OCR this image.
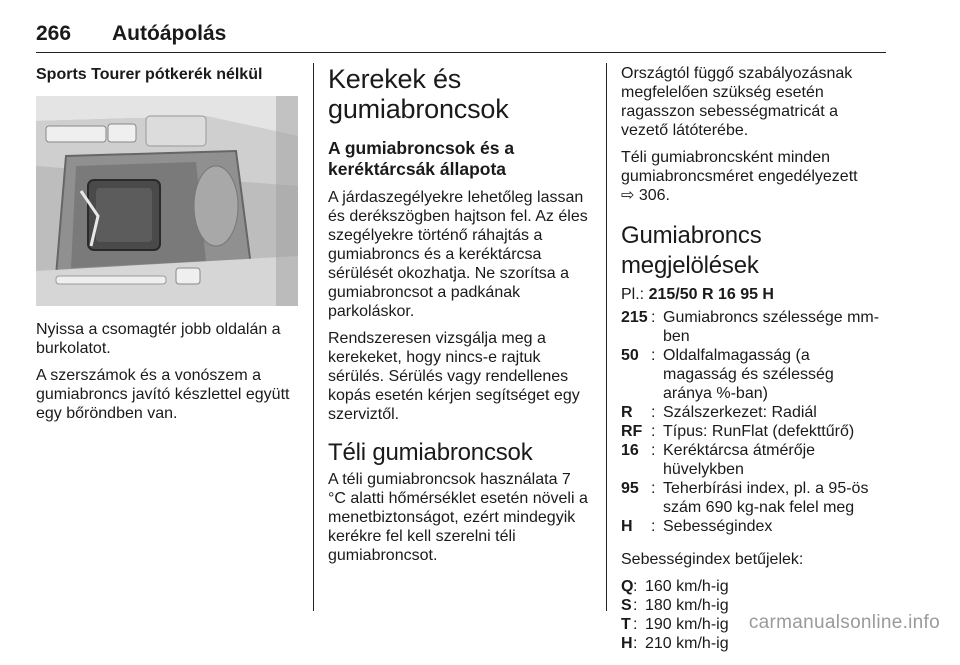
266 Autóápolás
Sports Tourer pótkerék nélkül

Nyissa a csomagtér jobb oldalán a burkolatot.

A szerszámok és a vonószem a gumiabroncs javító készlettel együtt egy bőröndben van.

Kerekek és gumiabroncsok
A gumiabroncsok és a keréktárcsák állapota

A járdaszegélyekre lehetőleg lassan és derékszögben hajtson fel. Az éles szegélyekre történő ráhajtás a gumiabroncs és a keréktárcsa sérülését okozhatja. Ne szorítsa a gumiabroncsot a padkának parkoláskor.

Rendszeresen vizsgálja meg a kerekeket, hogy nincs-e rajtuk sérülés. Sérülés vagy rendellenes kopás esetén kérjen segítséget egy szerviztől.

Téli gumiabroncsok

A téli gumiabroncsok használata 7 °C alatti hőmérséklet esetén növeli a menetbiztonságot, ezért mindegyik kerékre fel kell szerelni téli gumiabroncsot.

Országtól függő szabályozásnak megfelelően szükség esetén ragasszon sebességmatricát a vezető látóterébe.

Téli gumiabroncsként minden gumiabroncsméret engedélyezett
⇨ 306.

Gumiabroncs megjelölések

Pl.: 215/50 R 16 95 H

215 : Gumiabroncs szélessége mm-ben
50 : Oldalfalmagasság (a magasság és szélesség aránya %-ban)
R	: Szálszerkezet: Radiál
RF : Típus: RunFlat (defekttűrő)
16 : Keréktárcsa átmérője hüvelykben
95 : Teherbírási index, pl. a 95-ös szám 690 kg-nak felel meg
H	: Sebességindex

Sebességindex betűjelek:

Q : 160 km/h-ig
S : 180 km/h-ig
T : 190 km/h-ig
H : 210 km/h-ig
carmanualsonline.info
